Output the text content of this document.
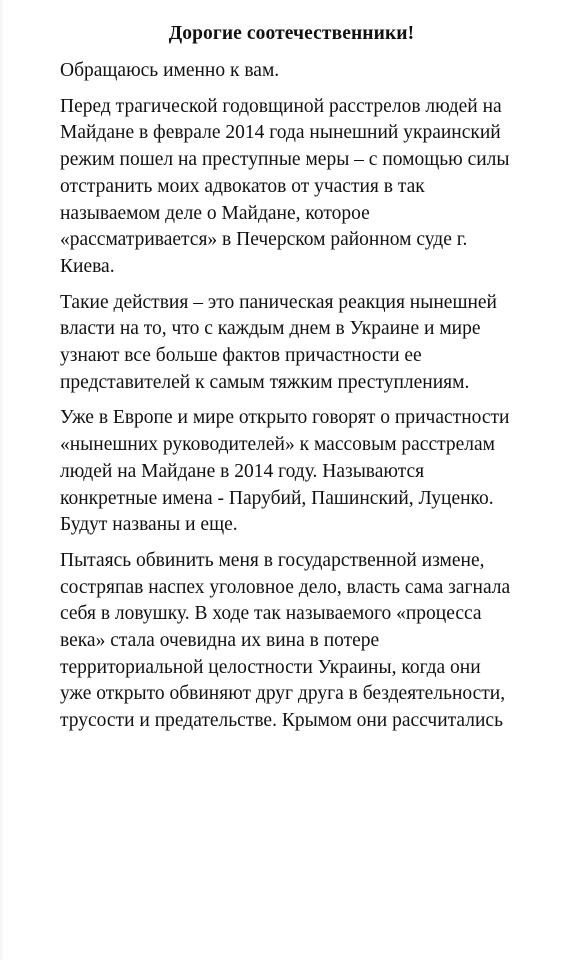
Дорогие соотечественники!

Обращаюсь именно к вам.

Перед трагической годовщиной расстрелов людей на
Майдане в феврале 2014 года нынешний украинский
режим пошел на преступные меры – с помощью силы
отстранить моих адвокатов от участия в так
называемом деле о Майдане, которое
«рассматривается» в Печерском районном суде г.
Киева.

Такие действия – это паническая реакция нынешней
власти на то, что с каждым днем в Украине и мире
узнают все больше фактов причастности ее
представителей к самым тяжким преступлениям.

Уже в Европе и мире открыто говорят о причастности
«нынешних руководителей» к массовым расстрелам
людей на Майдане в 2014 году. Называются
конкретные имена - Парубий, Пашинский, Луценко.
Будут названы и еще.

Пытаясь обвинить меня в государственной измене,
состряпав наспех уголовное дело, власть сама загнала
себя в ловушку. В ходе так называемого «процесса
века» стала очевидна их вина в потере
территориальной целостности Украины, когда они
уже открыто обвиняют друг друга в бездеятельности,
трусости и предательстве. Крымом они рассчитались
